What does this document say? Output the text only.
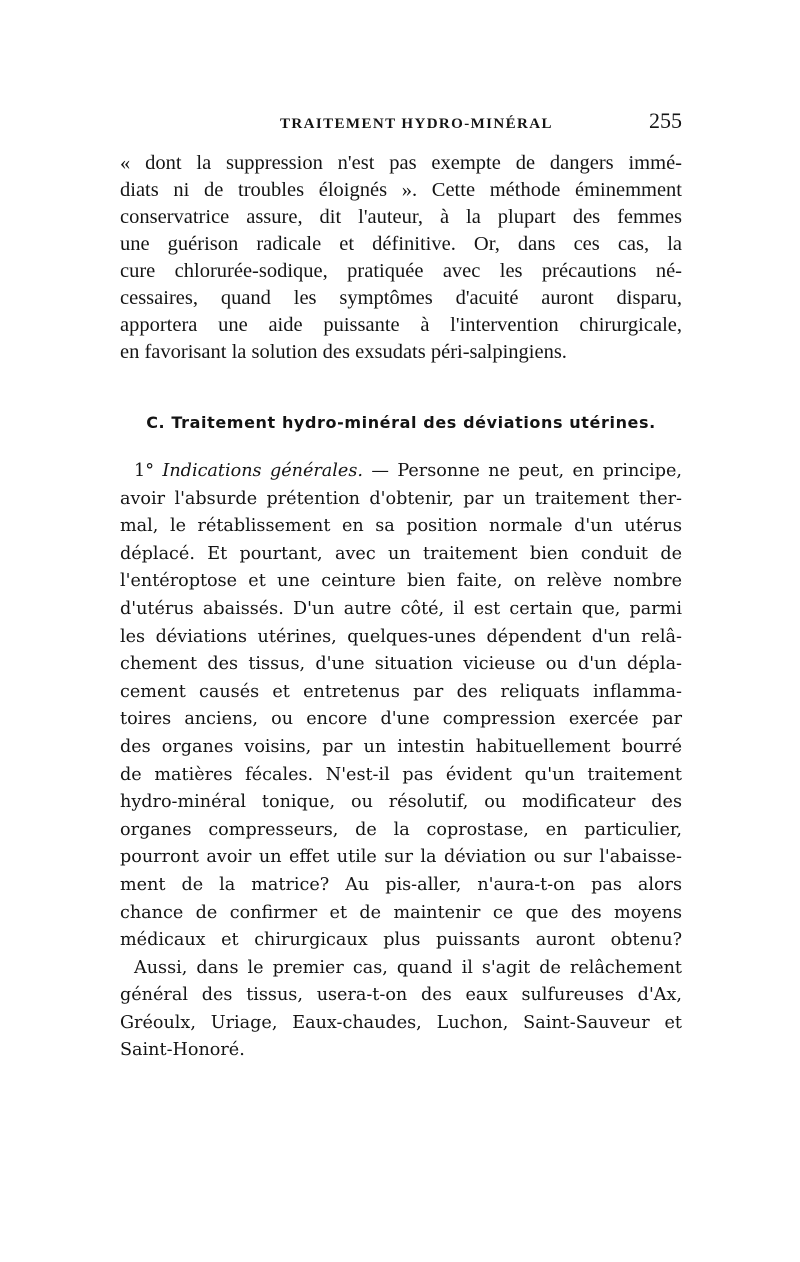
TRAITEMENT HYDRO-MINÉRAL	255
« dont la suppression n'est pas exempte de dangers immé-
diats ni de troubles éloignés ». Cette méthode éminemment
conservatrice assure, dit l'auteur, à la plupart des femmes
une guérison radicale et définitive. Or, dans ces cas, la
cure chlorurée-sodique, pratiquée avec les précautions né-
cessaires, quand les symptômes d'acuité auront disparu,
apportera une aide puissante à l'intervention chirurgicale,
en favorisant la solution des exsudats péri-salpingiens.
C. Traitement hydro-minéral des déviations utérines.
1° Indications générales. — Personne ne peut, en principe,
avoir l'absurde prétention d'obtenir, par un traitement ther-
mal, le rétablissement en sa position normale d'un utérus
déplacé. Et pourtant, avec un traitement bien conduit de
l'entéroptose et une ceinture bien faite, on relève nombre
d'utérus abaissés. D'un autre côté, il est certain que, parmi
les déviations utérines, quelques-unes dépendent d'un relâ-
chement des tissus, d'une situation vicieuse ou d'un dépla-
cement causés et entretenus par des reliquats inflamma-
toires anciens, ou encore d'une compression exercée par
des organes voisins, par un intestin habituellement bourré
de matières fécales. N'est-il pas évident qu'un traitement
hydro-minéral tonique, ou résolutif, ou modificateur des
organes compresseurs, de la coprostase, en particulier,
pourront avoir un effet utile sur la déviation ou sur l'abaisse-
ment de la matrice? Au pis-aller, n'aura-t-on pas alors
chance de confirmer et de maintenir ce que des moyens
médicaux et chirurgicaux plus puissants auront obtenu?
Aussi, dans le premier cas, quand il s'agit de relâchement
général des tissus, usera-t-on des eaux sulfureuses d'Ax,
Gréoulx, Uriage, Eaux-chaudes, Luchon, Saint-Sauveur et
Saint-Honoré.
